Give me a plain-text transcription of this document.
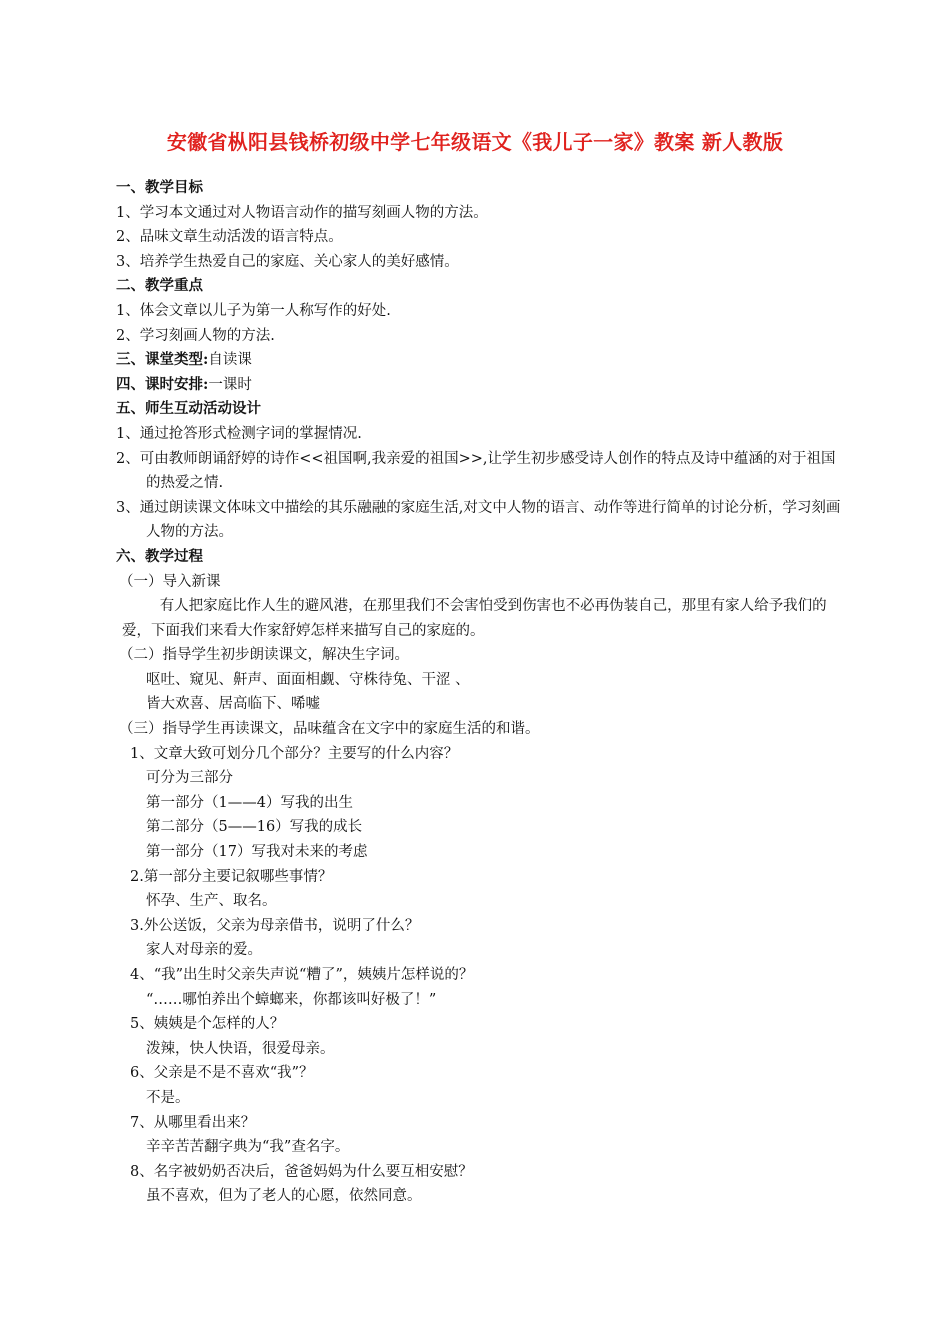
安徽省枞阳县钱桥初级中学七年级语文《我儿子一家》教案 新人教版
一、教学目标
1、学习本文通过对人物语言动作的描写刻画人物的方法。
2、品味文章生动活泼的语言特点。
3、培养学生热爱自己的家庭、关心家人的美好感情。
二、教学重点
1、体会文章以儿子为第一人称写作的好处.
2、学习刻画人物的方法.
三、课堂类型:自读课
四、课时安排:一课时
五、师生互动活动设计
1、通过抢答形式检测字词的掌握情况.
2、可由教师朗诵舒婷的诗作<<祖国啊,我亲爱的祖国>>,让学生初步感受诗人创作的特点及诗中蕴涵的对于祖国的热爱之情.
3、通过朗读课文体味文中描绘的其乐融融的家庭生活,对文中人物的语言、动作等进行简单的讨论分析，学习刻画人物的方法。
六、教学过程
（一）导入新课
有人把家庭比作人生的避风港，在那里我们不会害怕受到伤害也不必再伪装自己，那里有家人给予我们的爱，下面我们来看大作家舒婷怎样来描写自己的家庭的。
（二）指导学生初步朗读课文，解决生字词。
呕吐、窥见、鼾声、面面相觑、守株待兔、干涩 、
皆大欢喜、居高临下、唏嘘
（三）指导学生再读课文，品味蕴含在文字中的家庭生活的和谐。
1、文章大致可划分几个部分？主要写的什么内容？
可分为三部分
第一部分（1——4）写我的出生
第二部分（5——16）写我的成长
第一部分（17）写我对未来的考虑
2.第一部分主要记叙哪些事情？
怀孕、生产、取名。
3.外公送饭，父亲为母亲借书，说明了什么？
家人对母亲的爱。
4、“我”出生时父亲失声说“糟了”，姨姨片怎样说的？
“……哪怕养出个蟑螂来，你都该叫好极了！”
5、姨姨是个怎样的人？
泼辣，快人快语，很爱母亲。
6、父亲是不是不喜欢“我”？
不是。
7、从哪里看出来？
辛辛苦苦翻字典为“我”查名字。
8、名字被奶奶否决后，爸爸妈妈为什么要互相安慰？
虽不喜欢，但为了老人的心愿，依然同意。
